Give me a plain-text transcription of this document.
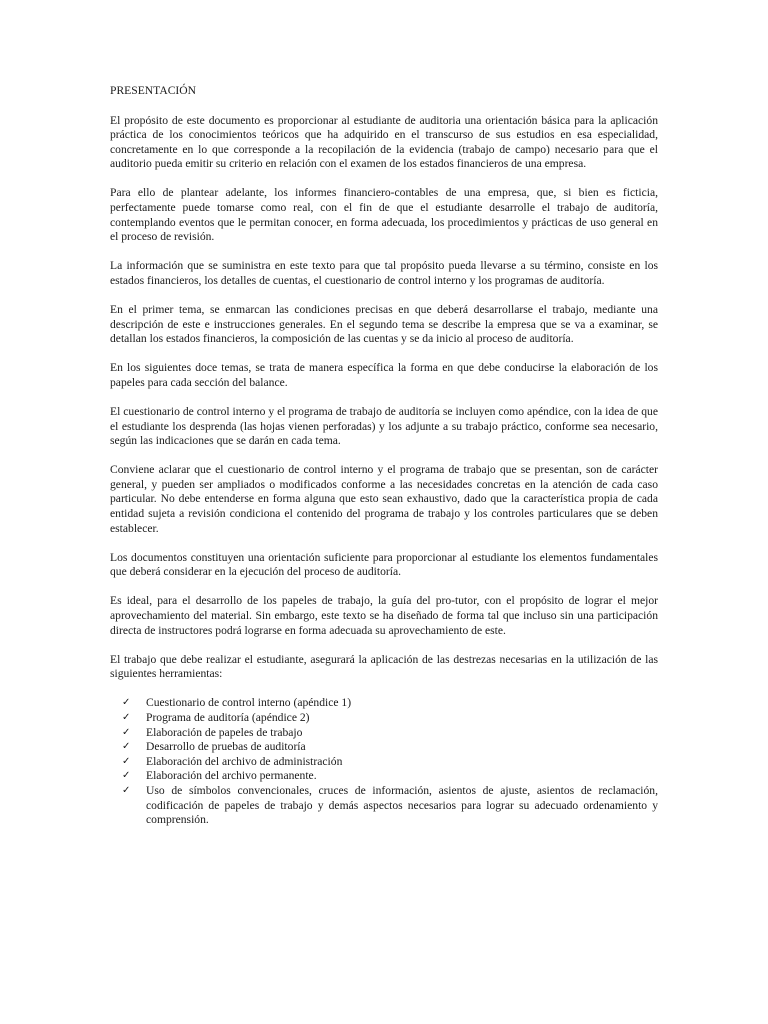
PRESENTACIÓN

El propósito de este documento es proporcionar al estudiante de auditoria una orientación básica para la aplicación práctica de los conocimientos teóricos que ha adquirido en el transcurso de sus estudios en esa especialidad, concretamente en lo que corresponde a la recopilación de la evidencia (trabajo de campo) necesario para que el auditorio pueda emitir su criterio en relación con el examen de los estados financieros de una empresa.

Para ello de plantear adelante, los informes financiero-contables de una empresa, que, si bien es ficticia, perfectamente puede tomarse como real, con el fin de que el estudiante desarrolle el trabajo de auditoría, contemplando eventos que le permitan conocer, en forma adecuada, los procedimientos y prácticas de uso general en el proceso de revisión.

La información que se suministra en este texto para que tal propósito pueda llevarse a su término, consiste en los estados financieros, los detalles de cuentas, el cuestionario de control interno y los programas de auditoría.

En el primer tema, se enmarcan las condiciones precisas en que deberá desarrollarse el trabajo, mediante una descripción de este e instrucciones generales. En el segundo tema se describe la empresa que se va a examinar, se detallan los estados financieros, la composición de las cuentas y se da inicio al proceso de auditoría.

En los siguientes doce temas, se trata de manera específica la forma en que debe conducirse la elaboración de los papeles para cada sección del balance.

El cuestionario de control interno y el programa de trabajo de auditoría se incluyen como apéndice, con la idea de que el estudiante los desprenda (las hojas vienen perforadas) y los adjunte a su trabajo práctico, conforme sea necesario, según las indicaciones que se darán en cada tema.

Conviene aclarar que el cuestionario de control interno y el programa de trabajo que se presentan, son de carácter general, y pueden ser ampliados o modificados conforme a las necesidades concretas en la atención de cada caso particular. No debe entenderse en forma alguna que esto sean exhaustivo, dado que la característica propia de cada entidad sujeta a revisión condiciona el contenido del programa de trabajo y los controles particulares que se deben establecer.

Los documentos constituyen una orientación suficiente para proporcionar al estudiante los elementos fundamentales que deberá considerar en la ejecución del proceso de auditoría.

Es ideal, para el desarrollo de los papeles de trabajo, la guía del pro-tutor, con el propósito de lograr el mejor aprovechamiento del material. Sin embargo, este texto se ha diseñado de forma tal que incluso sin una participación directa de instructores podrá lograrse en forma adecuada su aprovechamiento de este.

El trabajo que debe realizar el estudiante, asegurará la aplicación de las destrezas necesarias en la utilización de las siguientes herramientas:

✓	Cuestionario de control interno (apéndice 1)
✓	Programa de auditoría (apéndice 2)
✓	Elaboración de papeles de trabajo
✓	Desarrollo de pruebas de auditoría
✓	Elaboración del archivo de administración
✓	Elaboración del archivo permanente.
✓	Uso de símbolos convencionales, cruces de información, asientos de ajuste, asientos de reclamación, codificación de papeles de trabajo y demás aspectos necesarios para lograr su adecuado ordenamiento y comprensión.
